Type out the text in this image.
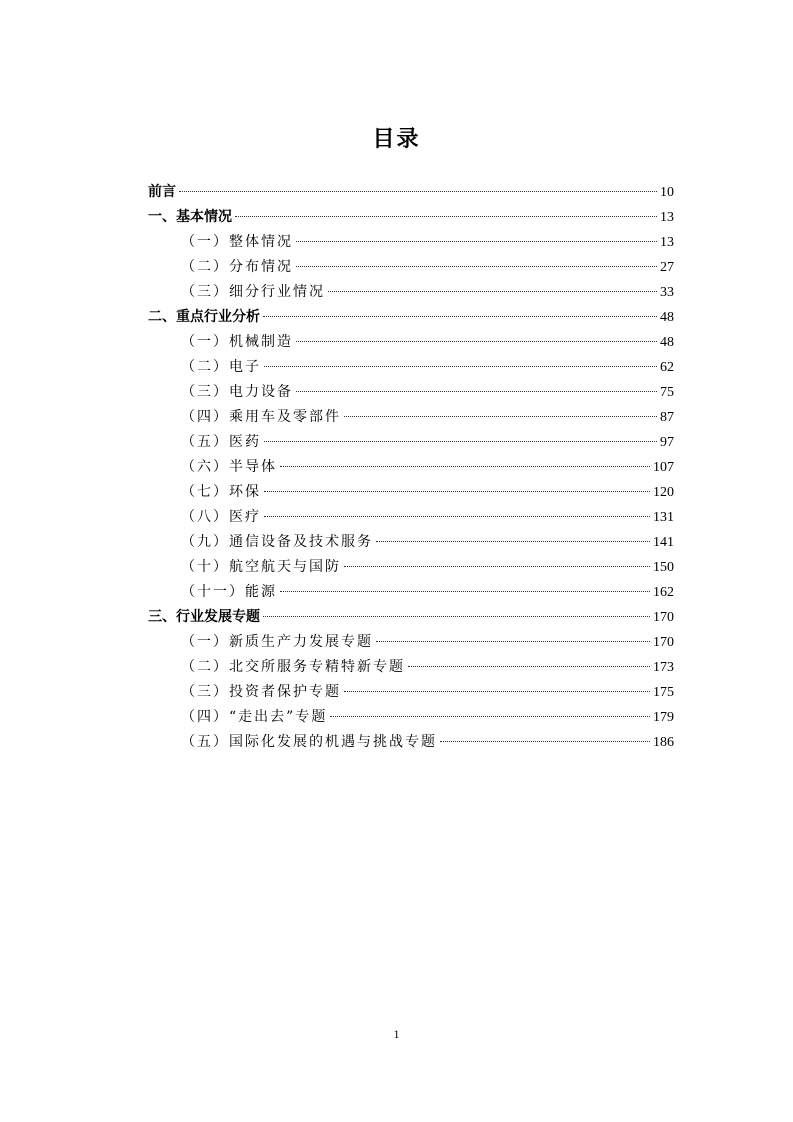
目录
前言	10
一、基本情况	13
（一）整体情况	13
（二）分布情况	27
（三）细分行业情况	33
二、重点行业分析	48
（一）机械制造	48
（二）电子	62
（三）电力设备	75
（四）乘用车及零部件	87
（五）医药	97
（六）半导体	107
（七）环保	120
（八）医疗	131
（九）通信设备及技术服务	141
（十）航空航天与国防	150
（十一）能源	162
三、行业发展专题	170
（一）新质生产力发展专题	170
（二）北交所服务专精特新专题	173
（三）投资者保护专题	175
（四）“走出去”专题	179
（五）国际化发展的机遇与挑战专题	186
1
